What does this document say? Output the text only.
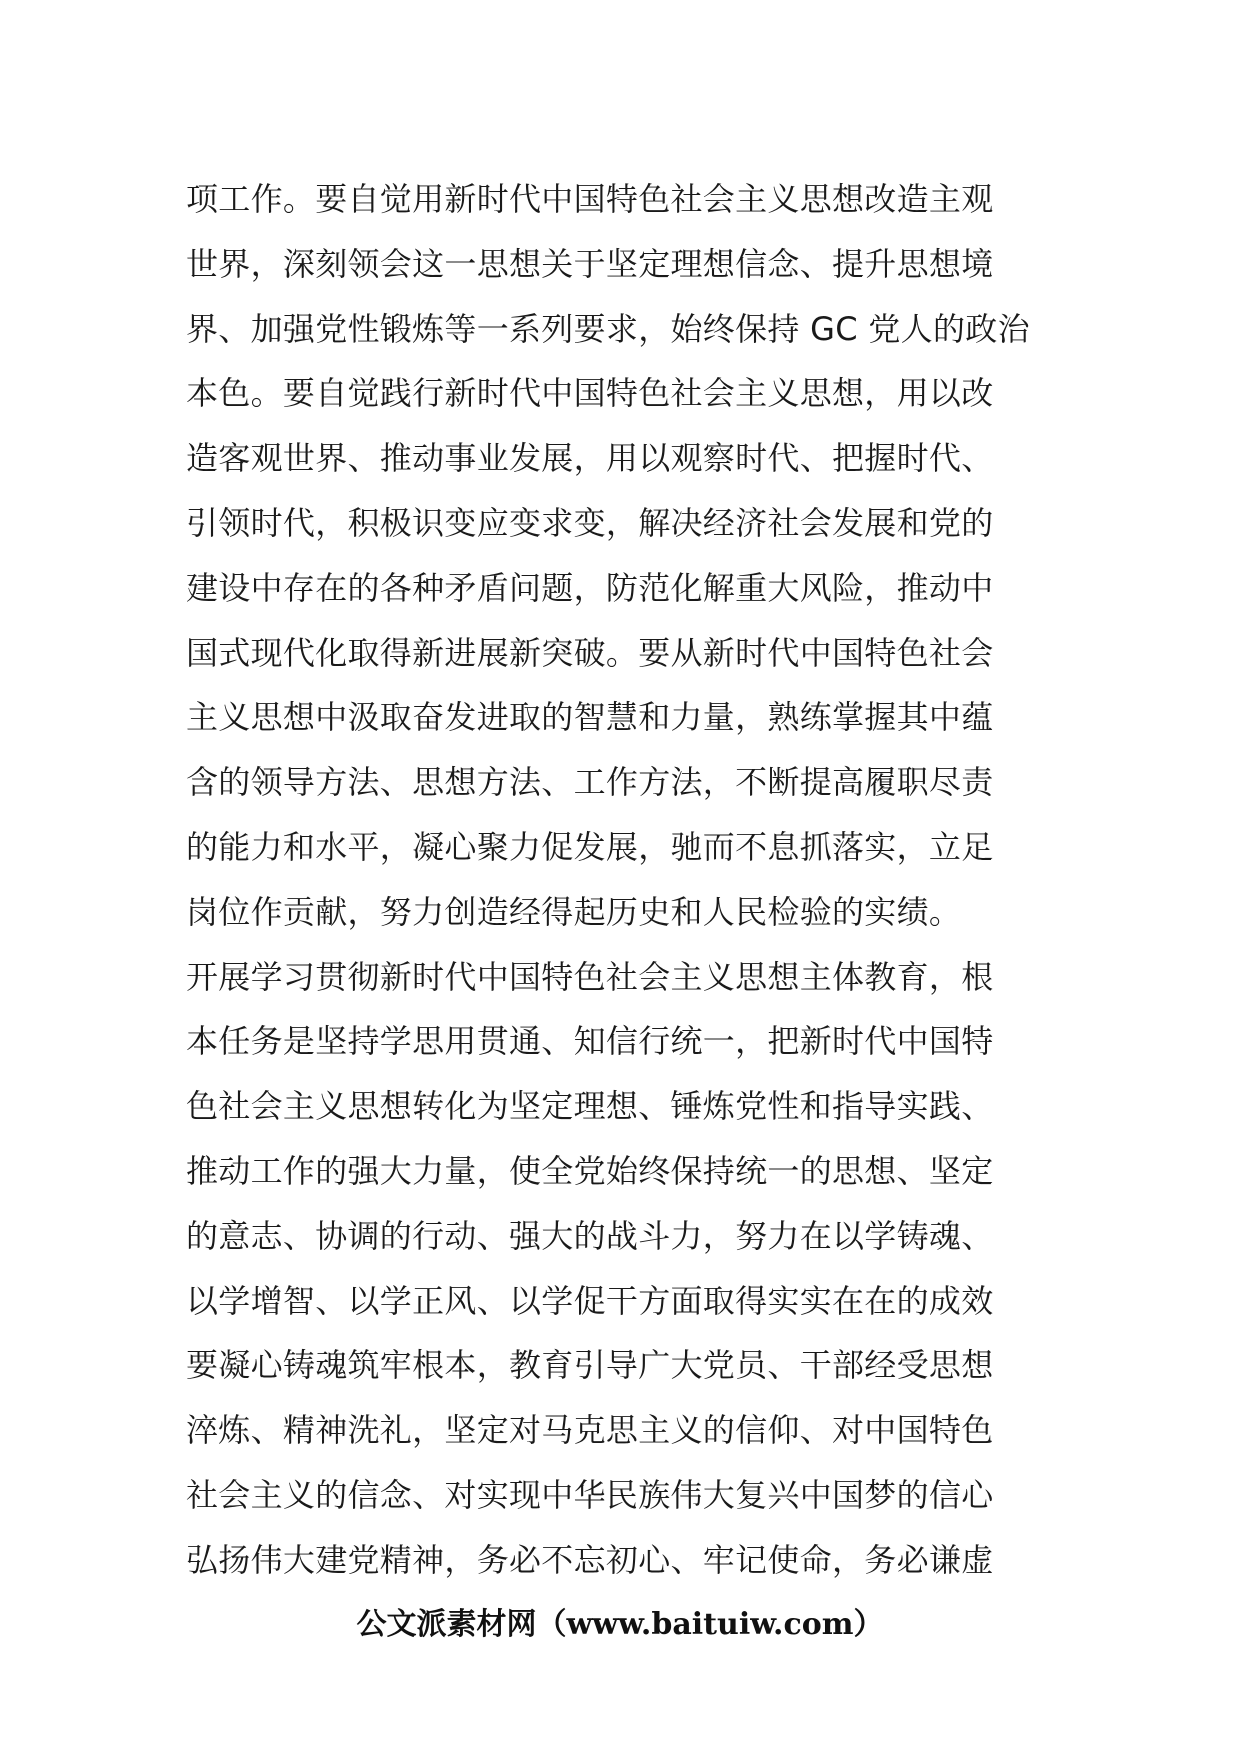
项工作。要自觉用新时代中国特色社会主义思想改造主观
世界，深刻领会这一思想关于坚定理想信念、提升思想境
界、加强党性锻炼等一系列要求，始终保持 GC 党人的政治
本色。要自觉践行新时代中国特色社会主义思想，用以改
造客观世界、推动事业发展，用以观察时代、把握时代、
引领时代，积极识变应变求变，解决经济社会发展和党的
建设中存在的各种矛盾问题，防范化解重大风险，推动中
国式现代化取得新进展新突破。要从新时代中国特色社会
主义思想中汲取奋发进取的智慧和力量，熟练掌握其中蕴
含的领导方法、思想方法、工作方法，不断提高履职尽责
的能力和水平，凝心聚力促发展，驰而不息抓落实，立足
岗位作贡献，努力创造经得起历史和人民检验的实绩。
开展学习贯彻新时代中国特色社会主义思想主体教育，根
本任务是坚持学思用贯通、知信行统一，把新时代中国特
色社会主义思想转化为坚定理想、锤炼党性和指导实践、
推动工作的强大力量，使全党始终保持统一的思想、坚定
的意志、协调的行动、强大的战斗力，努力在以学铸魂、
以学增智、以学正风、以学促干方面取得实实在在的成效
要凝心铸魂筑牢根本，教育引导广大党员、干部经受思想
淬炼、精神洗礼，坚定对马克思主义的信仰、对中国特色
社会主义的信念、对实现中华民族伟大复兴中国梦的信心
弘扬伟大建党精神，务必不忘初心、牢记使命，务必谦虚
公文派素材网（www.baituiw.com）
